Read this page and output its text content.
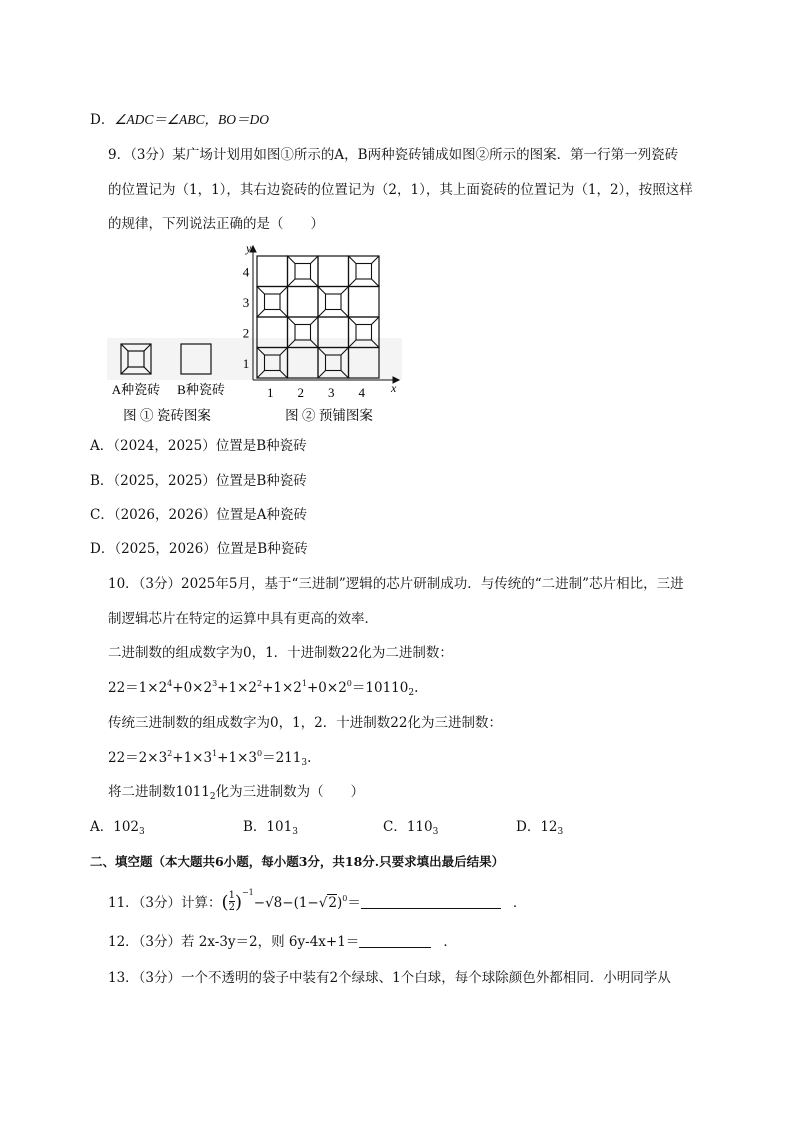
D．∠ADC＝∠ABC，BO＝DO
9．（3分）某广场计划用如图①所示的A，B两种瓷砖铺成如图②所示的图案．第一行第一列瓷砖
的位置记为（1，1），其右边瓷砖的位置记为（2，1），其上面瓷砖的位置记为（1，2），按照这样
的规律，下列说法正确的是（　　）
A种瓷砖 B种瓷砖
图 ① 瓷砖图案	图 ② 预铺图案
y
x
1 2 3 4
1
2
3
4
A．（2024，2025）位置是B种瓷砖
B．（2025，2025）位置是B种瓷砖
C．（2026，2026）位置是A种瓷砖
D．（2025，2026）位置是B种瓷砖
10．（3分）2025年5月，基于“三进制”逻辑的芯片研制成功．与传统的“二进制”芯片相比，三进
制逻辑芯片在特定的运算中具有更高的效率．
二进制数的组成数字为0，1．十进制数22化为二进制数：
$22=1\times 2^4+0\times 2^3+1\times 2^2+1\times 2^1+0\times 2^0=10110_2$.
传统三进制数的组成数字为0，1，2．十进制数22化为三进制数：
$22=2\times 3^2+1\times 3^1+1\times 3^0=211_3$.
将二进制数$1011_2$化为三进制数为（　　）
A．$102_3$	B．$101_3$	C．$110_3$	D．$12_3$
二、填空题（本大题共6小题，每小题3分，共18分.只要求填出最后结果）
11．（3分）计算：( $\frac{1}{2} )^{-1}-√8-(1-√2)^0=$	．
12．（3分）若 2x-3y＝2，则 6y-4x+1＝	．
13．（3分）一个不透明的袋子中装有2个绿球、1个白球，每个球除颜色外都相同．小明同学从
